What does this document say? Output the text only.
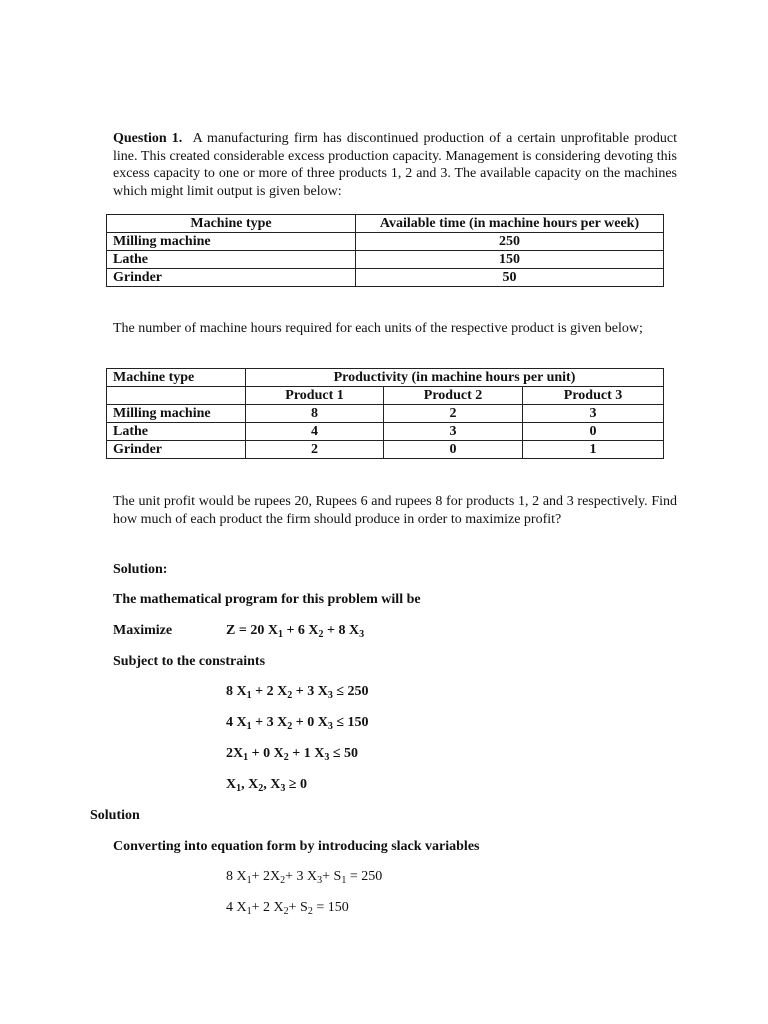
Question 1. A manufacturing firm has discontinued production of a certain unprofitable product line. This created considerable excess production capacity. Management is considering devoting this excess capacity to one or more of three products 1, 2 and 3. The available capacity on the machines which might limit output is given below:
Machine type	Available time (in machine hours per week)
Milling machine	250
Lathe	150
Grinder	50
The number of machine hours required for each units of the respective product is given below;
Machine type	Productivity (in machine hours per unit)		
	Product 1	Product 2	Product 3
Milling machine	8	2	3
Lathe	4	3	0
Grinder	2	0	1
The unit profit would be rupees 20, Rupees 6 and rupees 8 for products 1, 2 and 3 respectively. Find how much of each product the firm should produce in order to maximize profit?
Solution:
The mathematical program for this problem will be
Maximize	Z = 20 $X_1 + 6$ $X_2 + 8$ $X_3$
Subject to the constraints
8 $X_1 + 2$ $X_2 + 3$ $X_3 \le 250$
4 $X_1 + 3$ $X_2 + 0$ $X_3 \le 150$
$2X_1 + 0$ $X_2 + 1$ $X_3 \le 50$
$X_1$, $X_2$, $X_3 \ge 0$
Solution
Converting into equation form by introducing slack variables
8 $X_1+ 2X_2+ 3$ $X_3+ S_1 = 250$
4 $X_1+ 2$ $X_2+ S_2 = 150$
